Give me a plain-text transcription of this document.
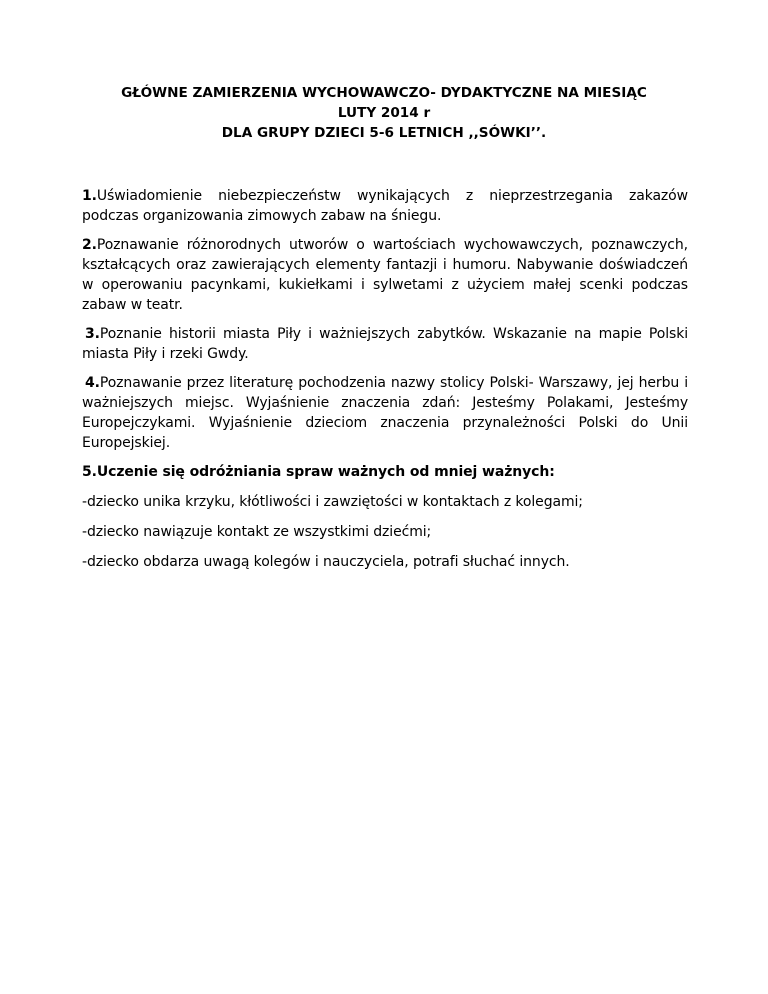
GŁÓWNE ZAMIERZENIA WYCHOWAWCZO- DYDAKTYCZNE NA MIESIĄC
LUTY 2014 r
DLA GRUPY DZIECI 5-6 LETNICH ,,SÓWKI’’.

1.Uświadomienie niebezpieczeństw wynikających z nieprzestrzegania zakazów podczas organizowania zimowych zabaw na śniegu.

2.Poznawanie różnorodnych utworów o wartościach wychowawczych, poznawczych, kształcących oraz zawierających elementy fantazji i humoru. Nabywanie doświadczeń w operowaniu pacynkami, kukiełkami i sylwetami z użyciem małej scenki podczas zabaw w teatr.

3.Poznanie historii miasta Piły i ważniejszych zabytków. Wskazanie na mapie Polski miasta Piły i rzeki Gwdy.

4.Poznawanie przez literaturę pochodzenia nazwy stolicy Polski- Warszawy, jej herbu i ważniejszych miejsc. Wyjaśnienie znaczenia zdań: Jesteśmy Polakami, Jesteśmy Europejczykami. Wyjaśnienie dzieciom znaczenia przynależności Polski do Unii Europejskiej.

5.Uczenie się odróżniania spraw ważnych od mniej ważnych:

-dziecko unika krzyku, kłótliwości i zawziętości w kontaktach z kolegami;

-dziecko nawiązuje kontakt ze wszystkimi dziećmi;

-dziecko obdarza uwagą kolegów i nauczyciela, potrafi słuchać innych.
